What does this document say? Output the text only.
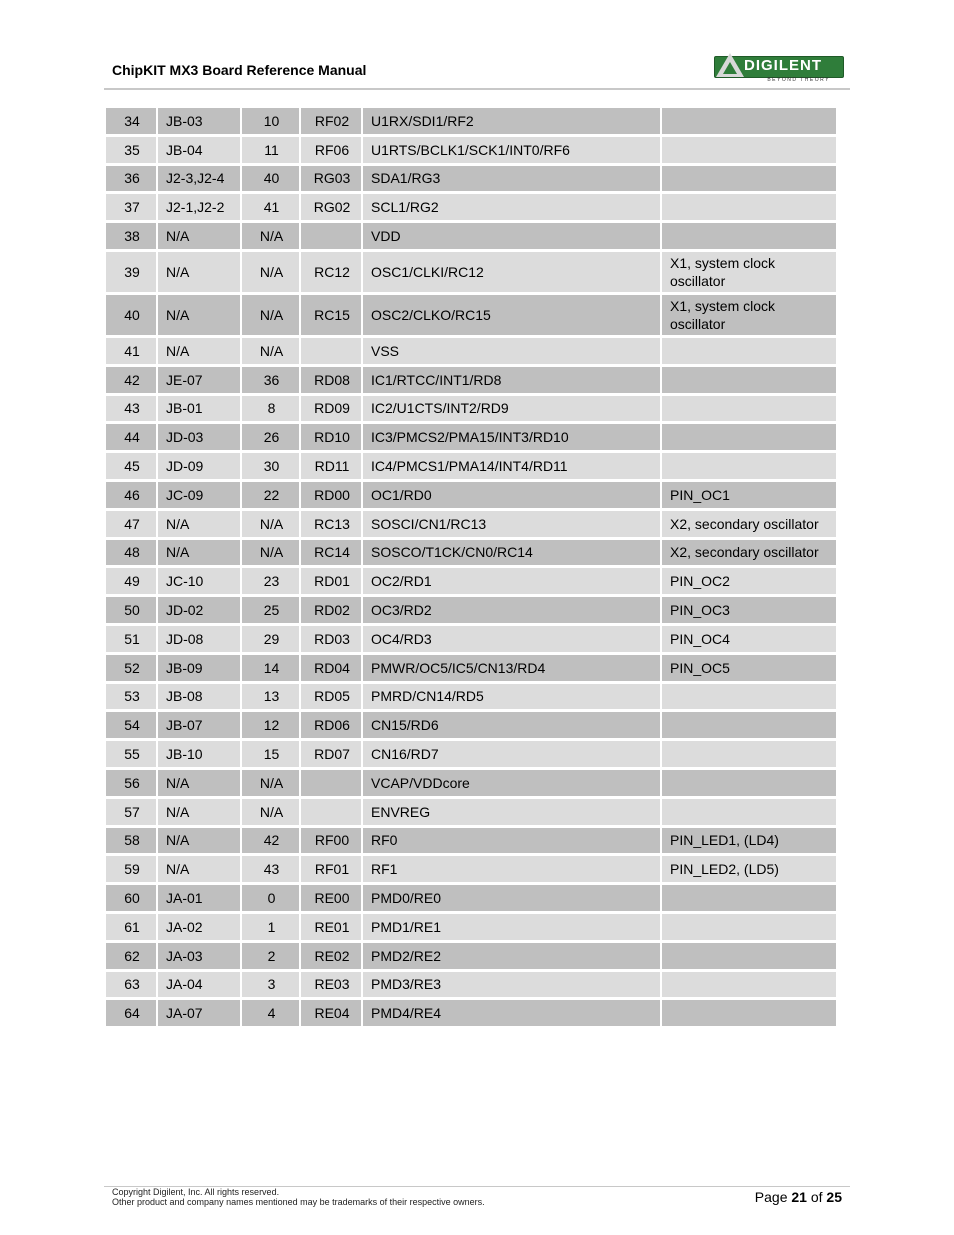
ChipKIT MX3 Board Reference Manual	DIGILENT
BEYOND THEORY
34	JB-03	10	RF02	U1RX/SDI1/RF2	
35	JB-04	11	RF06	U1RTS/BCLK1/SCK1/INT0/RF6	
36	J2-3,J2-4	40	RG03	SDA1/RG3	
37	J2-1,J2-2	41	RG02	SCL1/RG2	
38	N/A	N/A		VDD	
39	N/A	N/A	RC12	OSC1/CLKI/RC12	X1, system clock oscillator
40	N/A	N/A	RC15	OSC2/CLKO/RC15	X1, system clock oscillator
41	N/A	N/A		VSS	
42	JE-07	36	RD08	IC1/RTCC/INT1/RD8	
43	JB-01	8	RD09	IC2/U1CTS/INT2/RD9	
44	JD-03	26	RD10	IC3/PMCS2/PMA15/INT3/RD10	
45	JD-09	30	RD11	IC4/PMCS1/PMA14/INT4/RD11	
46	JC-09	22	RD00	OC1/RD0	PIN_OC1
47	N/A	N/A	RC13	SOSCI/CN1/RC13	X2, secondary oscillator
48	N/A	N/A	RC14	SOSCO/T1CK/CN0/RC14	X2, secondary oscillator
49	JC-10	23	RD01	OC2/RD1	PIN_OC2
50	JD-02	25	RD02	OC3/RD2	PIN_OC3
51	JD-08	29	RD03	OC4/RD3	PIN_OC4
52	JB-09	14	RD04	PMWR/OC5/IC5/CN13/RD4	PIN_OC5
53	JB-08	13	RD05	PMRD/CN14/RD5	
54	JB-07	12	RD06	CN15/RD6	
55	JB-10	15	RD07	CN16/RD7	
56	N/A	N/A		VCAP/VDDcore	
57	N/A	N/A		ENVREG	
58	N/A	42	RF00	RF0	PIN_LED1, (LD4)
59	N/A	43	RF01	RF1	PIN_LED2, (LD5)
60	JA-01	0	RE00	PMD0/RE0	
61	JA-02	1	RE01	PMD1/RE1	
62	JA-03	2	RE02	PMD2/RE2	
63	JA-04	3	RE03	PMD3/RE3	
64	JA-07	4	RE04	PMD4/RE4	
Copyright Digilent, Inc. All rights reserved.
Other product and company names mentioned may be trademarks of their respective owners.	Page 21 of 25
